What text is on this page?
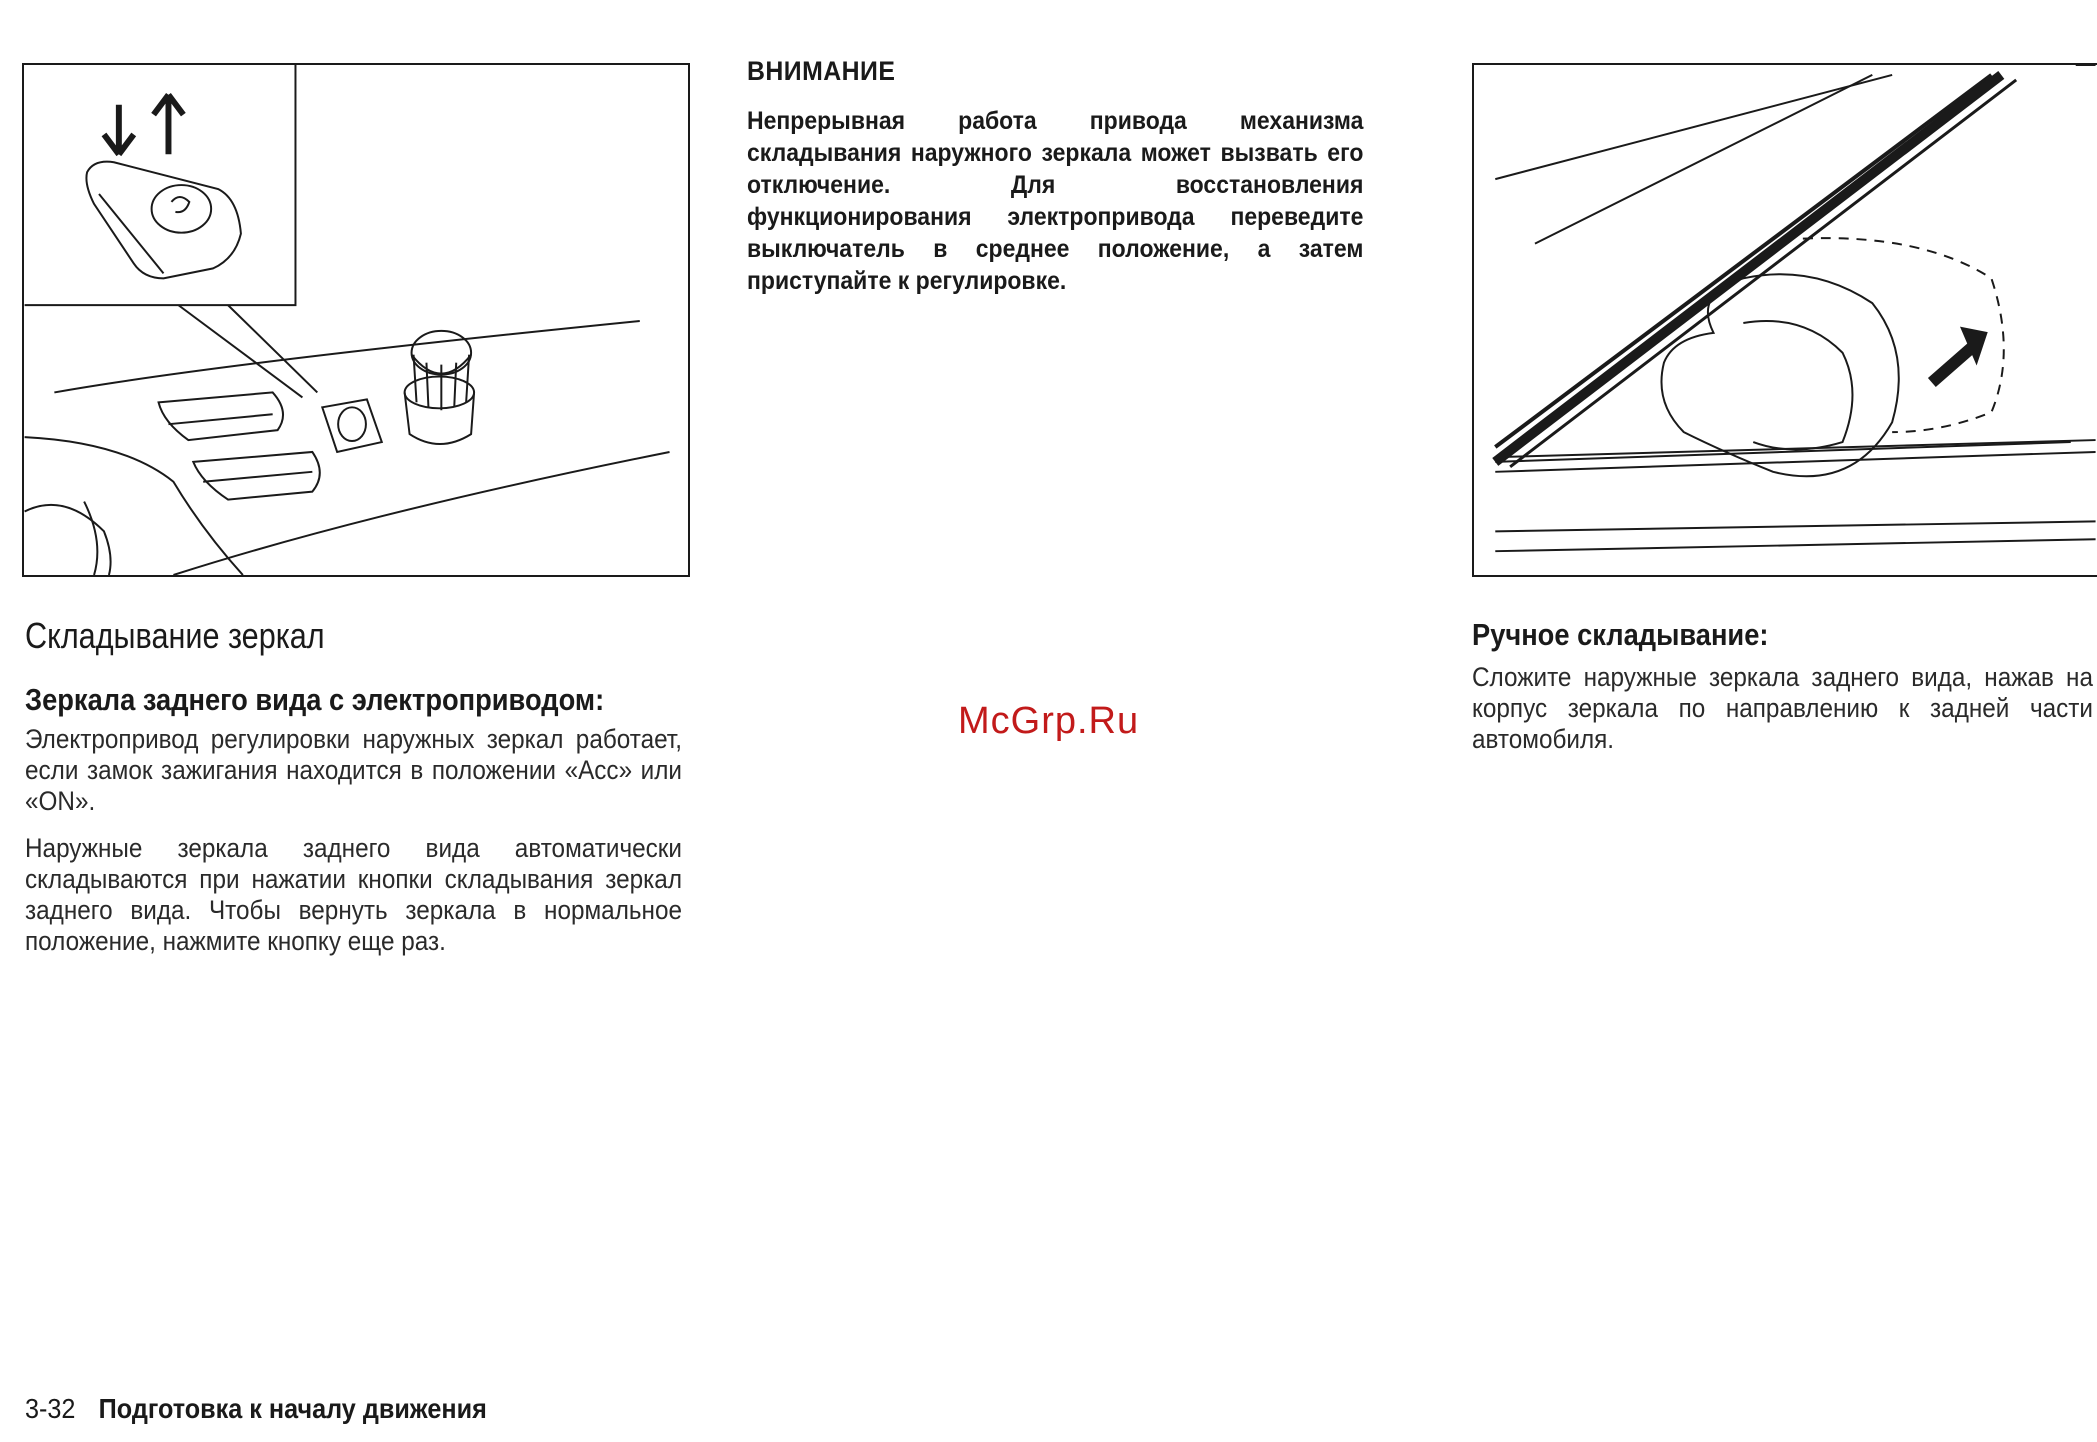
ВНИМАНИЕ
Непрерывная работа привода механизма складывания наружного зеркала может вызвать его отключение. Для восстановления функционирования электропривода переведите выключатель в среднее положение, а затем приступайте к регулировке.
Складывание зеркал
Зеркала заднего вида с электроприводом:
Электропривод регулировки наружных зеркал работает, если замок зажигания находится в положении «Acc» или «ON».
Наружные зеркала заднего вида автоматически складываются при нажатии кнопки складывания зеркал заднего вида. Чтобы вернуть зеркала в нормальное положение, нажмите кнопку еще раз.
Ручное складывание:
Сложите наружные зеркала заднего вида, нажав на корпус зеркала по направлению к задней части автомобиля.
McGrp.Ru
3-32 Подготовка к началу движения
